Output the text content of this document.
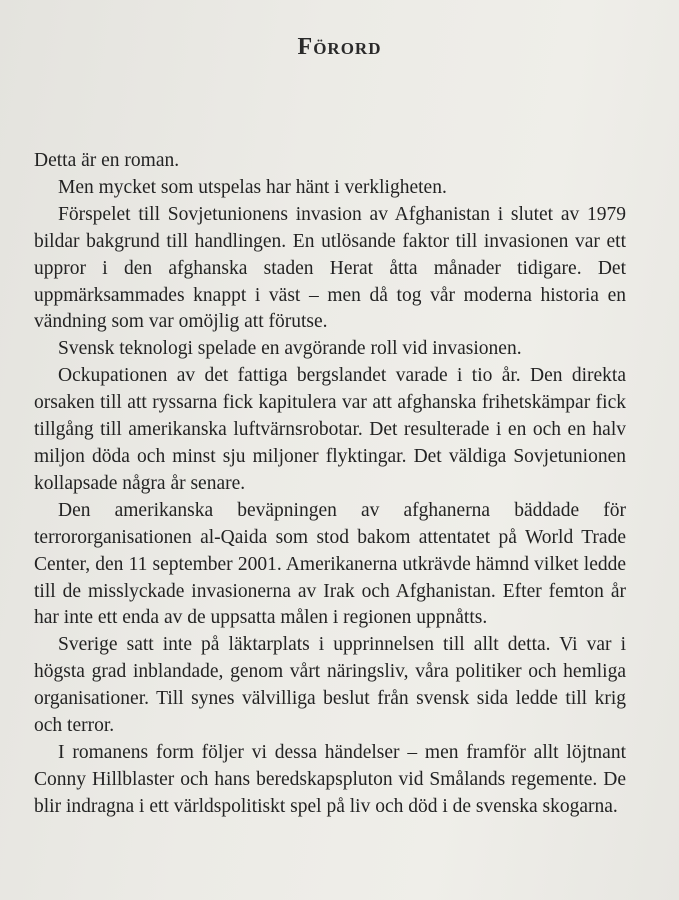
Förord

Detta är en roman.

Men mycket som utspelas har hänt i verkligheten.

Förspelet till Sovjetunionens invasion av Afghanistan i slutet av 1979 bildar bakgrund till handlingen. En utlösande faktor till invasionen var ett uppror i den afghanska staden Herat åtta månader tidigare. Det uppmärksammades knappt i väst – men då tog vår moderna historia en vändning som var omöjlig att förutse.

Svensk teknologi spelade en avgörande roll vid invasionen.

Ockupationen av det fattiga bergslandet varade i tio år. Den direkta orsaken till att ryssarna fick kapitulera var att afghanska frihetskämpar fick tillgång till amerikanska luftvärnsrobotar. Det resulterade i en och en halv miljon döda och minst sju miljoner flyktingar. Det väldiga Sovjetunionen kollapsade några år senare.

Den amerikanska beväpningen av afghanerna bäddade för terrororganisationen al-Qaida som stod bakom attentatet på World Trade Center, den 11 september 2001. Amerikanerna utkrävde hämnd vilket ledde till de misslyckade invasionerna av Irak och Afghanistan. Efter femton år har inte ett enda av de uppsatta målen i regionen uppnåtts.

Sverige satt inte på läktarplats i upprinnelsen till allt detta. Vi var i högsta grad inblandade, genom vårt näringsliv, våra politiker och hemliga organisationer. Till synes välvilliga beslut från svensk sida ledde till krig och terror.

I romanens form följer vi dessa händelser – men framför allt löjtnant Conny Hillblaster och hans beredskapspluton vid Smålands regemente. De blir indragna i ett världspolitiskt spel på liv och död i de svenska skogarna.
